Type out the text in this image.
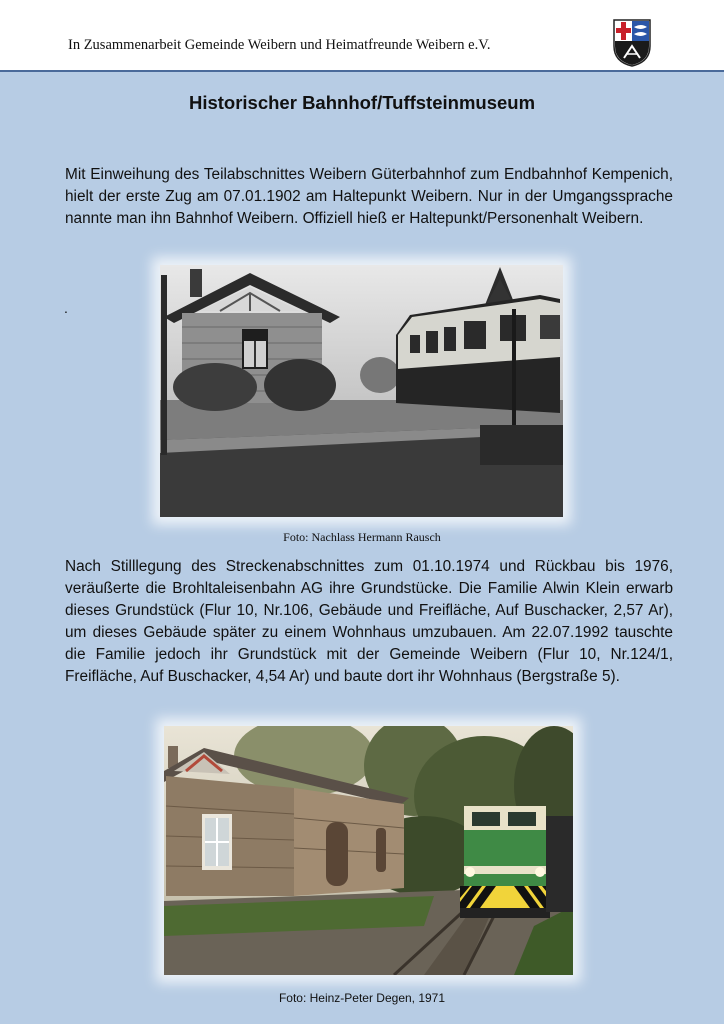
In Zusammenarbeit Gemeinde Weibern und Heimatfreunde Weibern e.V.
Historischer Bahnhof/Tuffsteinmuseum
Mit Einweihung des Teilabschnittes Weibern Güterbahnhof zum Endbahnhof Kempenich, hielt der erste Zug am 07.01.1902 am Haltepunkt Weibern. Nur in der Umgangssprache nannte man ihn Bahnhof Weibern. Offiziell hieß er Haltepunkt/Personenhalt Weibern.
.
Foto: Nachlass Hermann Rausch
Nach Stilllegung des Streckenabschnittes zum 01.10.1974 und Rückbau bis 1976, veräußerte die Brohltaleisenbahn AG ihre Grundstücke. Die Familie Alwin Klein erwarb dieses Grundstück (Flur 10, Nr.106, Gebäude und Freifläche, Auf Buschacker, 2,57 Ar), um dieses Gebäude später zu einem Wohnhaus umzubauen. Am 22.07.1992 tauschte die Familie jedoch ihr Grundstück mit der Gemeinde Weibern (Flur 10, Nr.124/1, Freifläche, Auf Buschacker, 4,54 Ar) und baute dort ihr Wohnhaus (Bergstraße 5).
Foto: Heinz-Peter Degen, 1971
